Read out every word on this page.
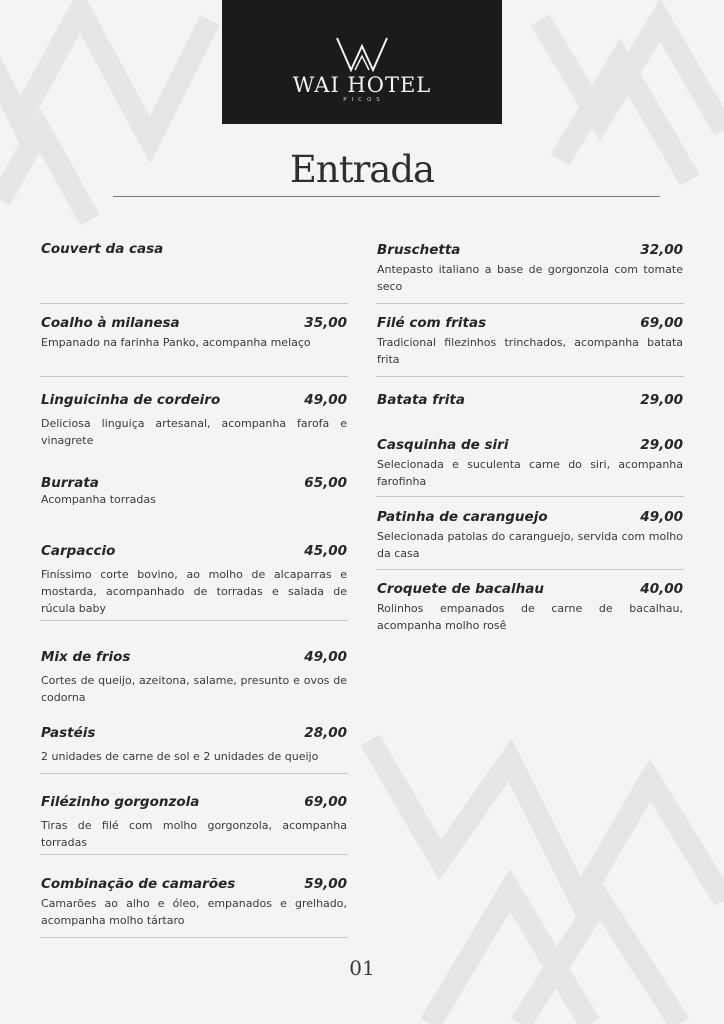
WAI HOTEL
PICOS
Entrada
Couvert da casa
Coalho à milanesa	35,00
Empanado na farinha Panko, acompanha melaço
Linguicinha de cordeiro	49,00
Deliciosa linguiça artesanal, acompanha farofa e vinagrete
Burrata	65,00
Acompanha torradas
Carpaccio	45,00
Finíssimo corte bovino, ao molho de alcaparras e mostarda, acompanhado de torradas e salada de rúcula baby
Mix de frios	49,00
Cortes de queijo, azeitona, salame, presunto e ovos de codorna
Pastéis	28,00
2 unidades de carne de sol e 2 unidades de queijo
Filézinho gorgonzola	69,00
Tiras de filé com molho gorgonzola, acompanha torradas
Combinação de camarões	59,00
Camarões ao alho e óleo, empanados e grelhado, acompanha molho tártaro
Bruschetta	32,00
Antepasto italiano a base de gorgonzola com tomate seco
Filé com fritas	69,00
Tradicional filezinhos trinchados, acompanha batata frita
Batata frita	29,00
Casquinha de siri	29,00
Selecionada e suculenta carne do siri, acompanha farofinha
Patinha de caranguejo	49,00
Selecionada patolas do caranguejo, servida com molho da casa
Croquete de bacalhau	40,00
Rolinhos empanados de carne de bacalhau, acompanha molho rosê
01
